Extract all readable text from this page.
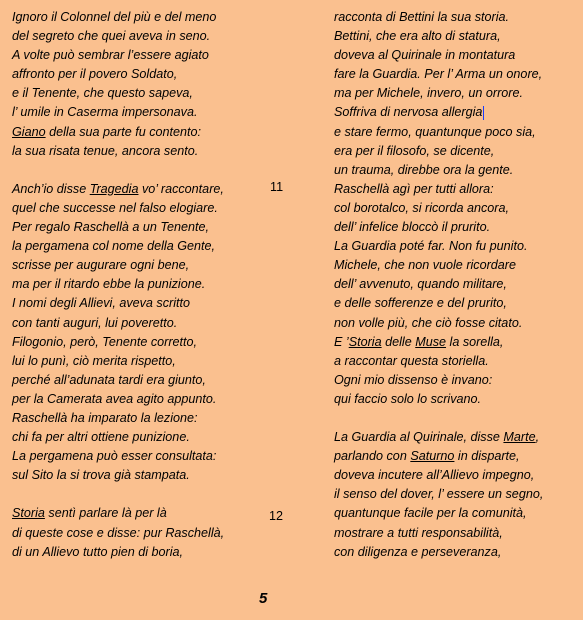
Ignoro il Colonnel del più e del meno
del segreto che quei aveva in seno.
A volte può sembrar l’essere agiato
affronto per il povero Soldato,
e il Tenente, che questo sapeva,
l’ umile in Caserma impersonava.
Giano della sua parte fu contento:
la sua risata tenue, ancora sento.
Anch’io disse Tragedia vo’ raccontare,
quel che successe nel falso elogiare.
Per regalo Raschellà a un Tenente,
la pergamena col nome della Gente,
scrisse per augurare ogni bene,
ma per il ritardo ebbe la punizione.
I nomi degli Allievi, aveva scritto
con tanti auguri, lui poveretto.
Filogonio, però, Tenente corretto,
lui lo punì, ciò merita rispetto,
perché all’adunata tardi era giunto,
per la Camerata avea agito appunto.
Raschellà ha imparato la lezione:
chi fa per altri ottiene punizione.
La pergamena può esser consultata:
sul Sito la si trova già stampata.
Storia sentì parlare là per là
di queste cose e disse: pur Raschellà,
di un Allievo tutto pien di boria,
11
12
racconta di Bettini la sua storia.
Bettini, che era alto di statura,
doveva al Quirinale in montatura
fare la Guardia. Per l’ Arma un onore,
ma per Michele, invero, un orrore.
Soffriva di nervosa allergia
e stare fermo, quantunque poco sia,
era per il filosofo, se dicente,
un trauma, direbbe ora la gente.
Raschellà agì per tutti allora:
col borotalco, si ricorda ancora,
dell’ infelice bloccò il prurito.
La Guardia poté far. Non fu punito.
Michele, che non vuole ricordare
dell’ avvenuto, quando militare,
e delle sofferenze e del prurito,
non volle più, che ciò fosse citato.
E ’Storia delle Muse la sorella,
a raccontar questa storiella.
Ogni mio dissenso è invano:
qui faccio solo lo scrivano.
La Guardia al Quirinale, disse Marte,
parlando con Saturno in disparte,
doveva incutere all’Allievo impegno,
il senso del dover, l’ essere un segno,
quantunque facile per la comunità,
mostrare a tutti responsabilità,
con diligenza e perseveranza,
5
